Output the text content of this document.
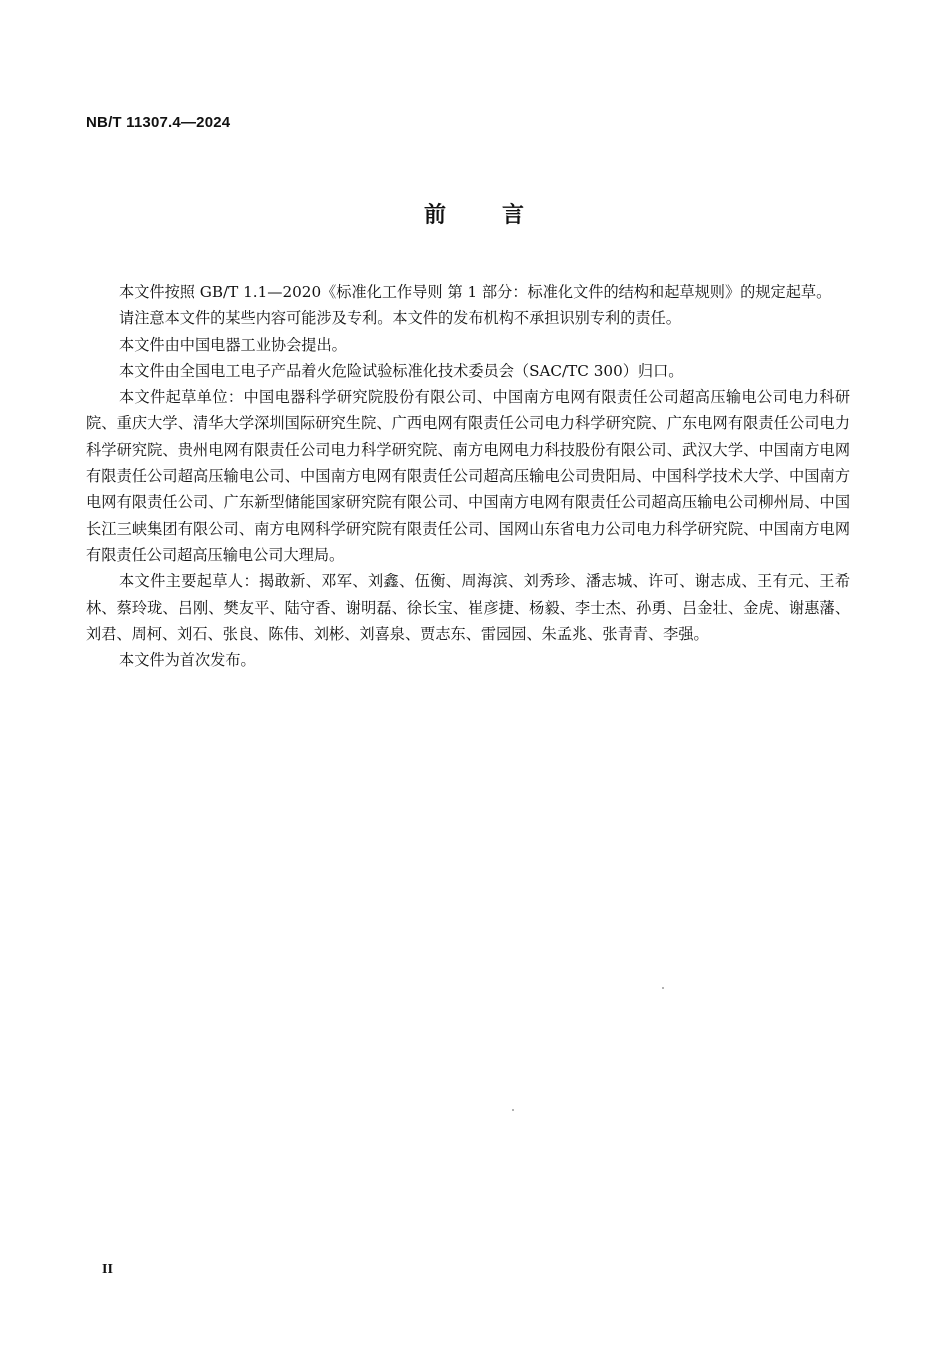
NB/T 11307.4—2024
前 言

本文件按照 GB/T 1.1—2020《标准化工作导则 第 1 部分：标准化文件的结构和起草规则》的规定起草。

请注意本文件的某些内容可能涉及专利。本文件的发布机构不承担识别专利的责任。

本文件由中国电器工业协会提出。

本文件由全国电工电子产品着火危险试验标准化技术委员会（SAC/TC 300）归口。

本文件起草单位：中国电器科学研究院股份有限公司、中国南方电网有限责任公司超高压输电公司电力科研院、重庆大学、清华大学深圳国际研究生院、广西电网有限责任公司电力科学研究院、广东电网有限责任公司电力科学研究院、贵州电网有限责任公司电力科学研究院、南方电网电力科技股份有限公司、武汉大学、中国南方电网有限责任公司超高压输电公司、中国南方电网有限责任公司超高压输电公司贵阳局、中国科学技术大学、中国南方电网有限责任公司、广东新型储能国家研究院有限公司、中国南方电网有限责任公司超高压输电公司柳州局、中国长江三峡集团有限公司、南方电网科学研究院有限责任公司、国网山东省电力公司电力科学研究院、中国南方电网有限责任公司超高压输电公司大理局。

本文件主要起草人：揭敢新、邓军、刘鑫、伍衡、周海滨、刘秀珍、潘志城、许可、谢志成、王有元、王希林、蔡玲珑、吕刚、樊友平、陆守香、谢明磊、徐长宝、崔彦捷、杨毅、李士杰、孙勇、吕金壮、金虎、谢惠藩、刘君、周柯、刘石、张良、陈伟、刘彬、刘喜泉、贾志东、雷园园、朱孟兆、张青青、李强。

本文件为首次发布。

II
